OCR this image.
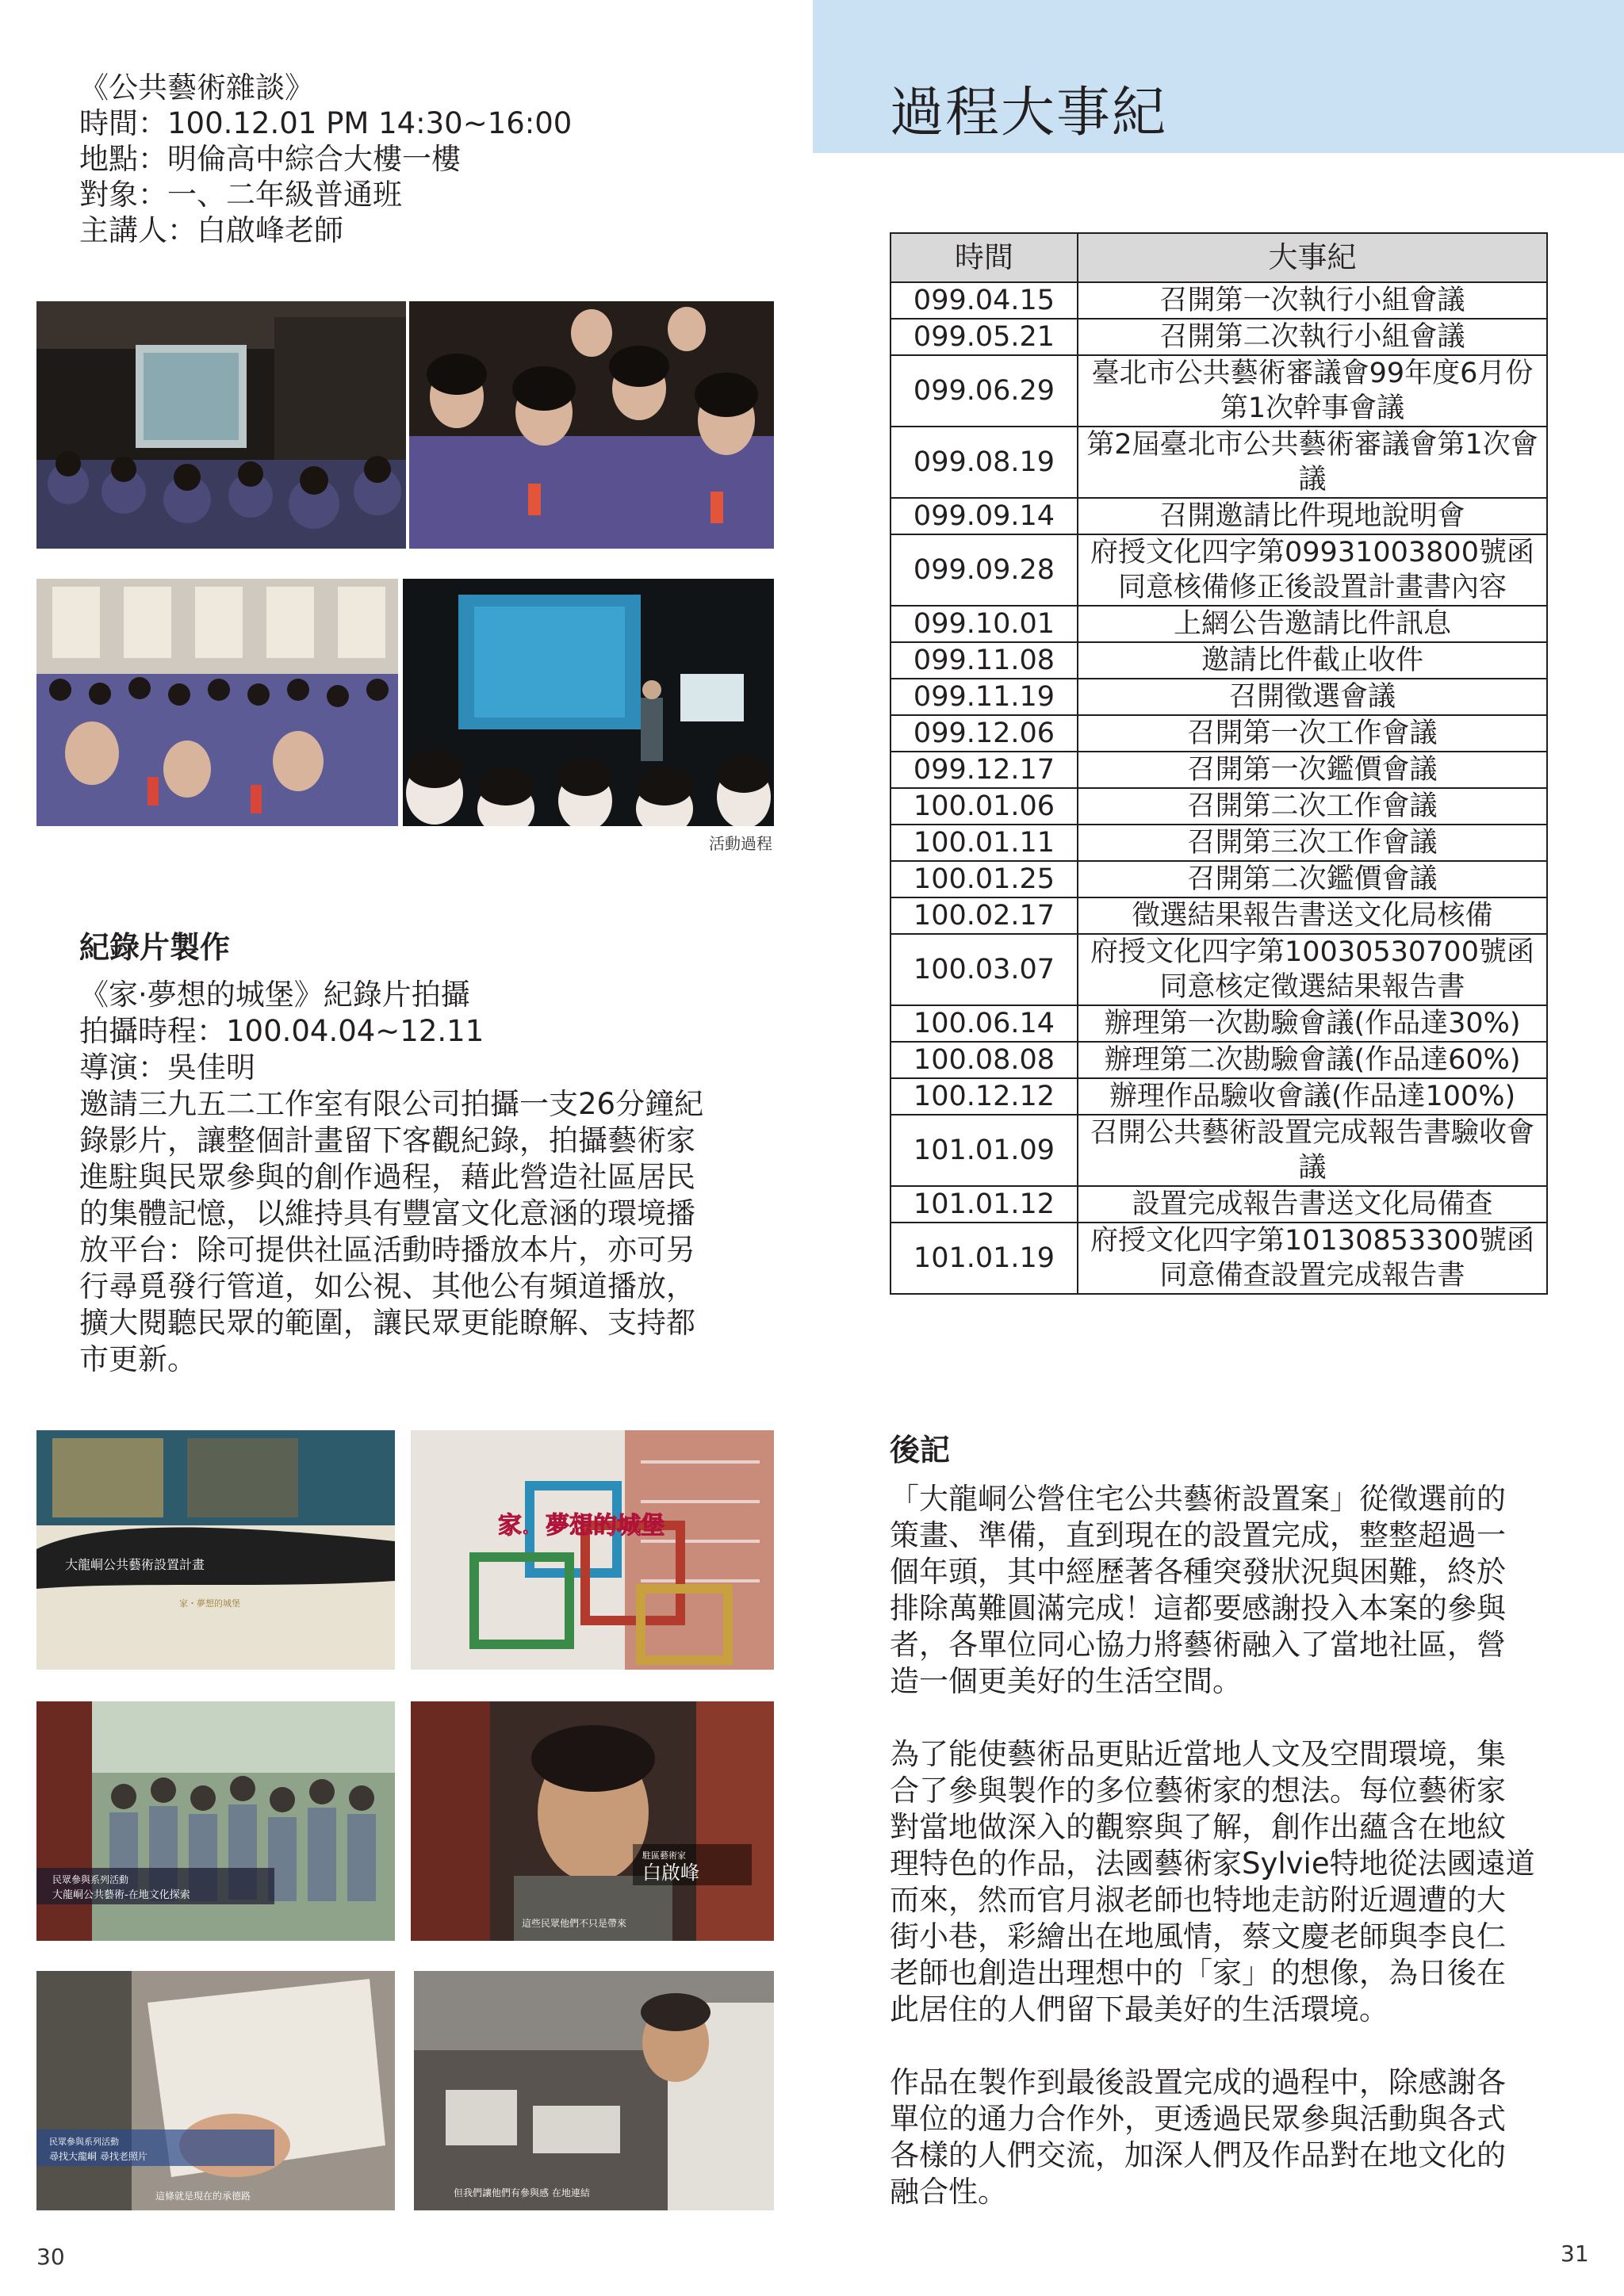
《公共藝術雜談》
時間：100.12.01 PM 14:30~16:00
地點：明倫高中綜合大樓一樓
對象：一、二年級普通班
主講人：白啟峰老師
活動過程
紀錄片製作
《家·夢想的城堡》紀錄片拍攝
拍攝時程：100.04.04~12.11
導演：吳佳明
邀請三九五二工作室有限公司拍攝一支26分鐘紀
錄影片，讓整個計畫留下客觀紀錄，拍攝藝術家
進駐與民眾參與的創作過程，藉此營造社區居民
的集體記憶，以維持具有豐富文化意涵的環境播
放平台：除可提供社區活動時播放本片，亦可另
行尋覓發行管道，如公視、其他公有頻道播放，
擴大閱聽民眾的範圍，讓民眾更能瞭解、支持都
市更新。
大龍峒公共藝術設置計畫
家・夢想的城堡
家．夢想的城堡
民眾參與系列活動
大龍峒公共藝術-在地文化探索
駐區藝術家
白啟峰
這些民眾他們不只是帶來
民眾參與系列活動
尋找大龍峒 尋找老照片
這條就是現在的承德路	但我們讓他們有參與感 在地連結
30
過程大事紀
時間	大事紀
099.04.15	召開第一次執行小組會議
099.05.21	召開第二次執行小組會議
099.06.29	臺北市公共藝術審議會99年度6月份第1次幹事會議
099.08.19	第2屆臺北市公共藝術審議會第1次會議
099.09.14	召開邀請比件現地說明會
099.09.28	府授文化四字第09931003800號函同意核備修正後設置計畫書內容
099.10.01	上網公告邀請比件訊息
099.11.08	邀請比件截止收件
099.11.19	召開徵選會議
099.12.06	召開第一次工作會議
099.12.17	召開第一次鑑價會議
100.01.06	召開第二次工作會議
100.01.11	召開第三次工作會議
100.01.25	召開第二次鑑價會議
100.02.17	徵選結果報告書送文化局核備
100.03.07	府授文化四字第10030530700號函同意核定徵選結果報告書
100.06.14	辦理第一次勘驗會議(作品達30%)
100.08.08	辦理第二次勘驗會議(作品達60%)
100.12.12	辦理作品驗收會議(作品達100%)
101.01.09	召開公共藝術設置完成報告書驗收會議
101.01.12	設置完成報告書送文化局備查
101.01.19	府授文化四字第10130853300號函同意備查設置完成報告書
後記
「大龍峒公營住宅公共藝術設置案」從徵選前的
策畫、準備，直到現在的設置完成，整整超過一
個年頭，其中經歷著各種突發狀況與困難，終於
排除萬難圓滿完成！這都要感謝投入本案的參與
者，各單位同心協力將藝術融入了當地社區，營
造一個更美好的生活空間。
為了能使藝術品更貼近當地人文及空間環境，集
合了參與製作的多位藝術家的想法。每位藝術家
對當地做深入的觀察與了解，創作出蘊含在地紋
理特色的作品，法國藝術家Sylvie特地從法國遠道
而來，然而官月淑老師也特地走訪附近週遭的大
街小巷，彩繪出在地風情，蔡文慶老師與李良仁
老師也創造出理想中的「家」的想像，為日後在
此居住的人們留下最美好的生活環境。
作品在製作到最後設置完成的過程中，除感謝各
單位的通力合作外，更透過民眾參與活動與各式
各樣的人們交流，加深人們及作品對在地文化的
融合性。
31
